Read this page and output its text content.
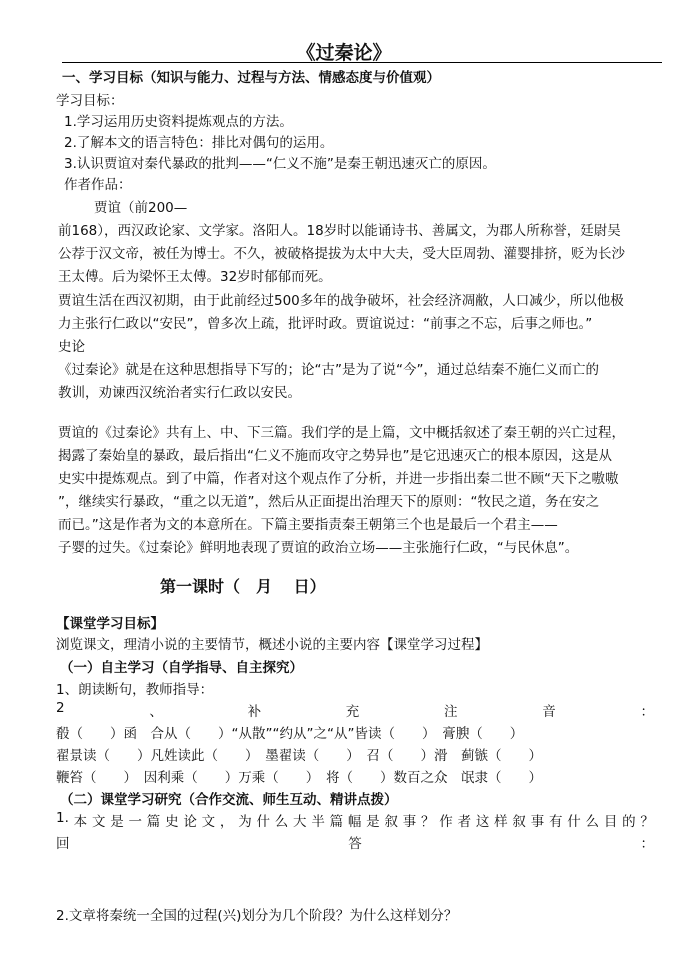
《过秦论》
一、学习目标（知识与能力、过程与方法、情感态度与价值观）
学习目标：
1.学习运用历史资料提炼观点的方法。
2.了解本文的语言特色：排比对偶句的运用。
3.认识贾谊对秦代暴政的批判——“仁义不施”是秦王朝迅速灭亡的原因。
作者作品：
贾谊（前200—
前168），西汉政论家、文学家。洛阳人。18岁时以能诵诗书、善属文，为郡人所称誉，廷尉吴
公荐于汉文帝，被任为博士。不久，被破格提拔为太中大夫，受大臣周勃、灌婴排挤，贬为长沙
王太傅。后为梁怀王太傅。32岁时郁郁而死。
贾谊生活在西汉初期，由于此前经过500多年的战争破坏，社会经济凋敝，人口减少，所以他极
力主张行仁政以“安民”，曾多次上疏，批评时政。贾谊说过：“前事之不忘，后事之师也。”
史论
《过秦论》就是在这种思想指导下写的；论“古”是为了说“今”，通过总结秦不施仁义而亡的
教训，劝谏西汉统治者实行仁政以安民。
贾谊的《过秦论》共有上、中、下三篇。我们学的是上篇，文中概括叙述了秦王朝的兴亡过程，
揭露了秦始皇的暴政，最后指出“仁义不施而攻守之势异也”是它迅速灭亡的根本原因，这是从
史实中提炼观点。到了中篇，作者对这个观点作了分析，并进一步指出秦二世不顾“天下之嗷嗷
”，继续实行暴政，“重之以无道”，然后从正面提出治理天下的原则：“牧民之道，务在安之
而已。”这是作者为文的本意所在。下篇主要指责秦王朝第三个也是最后一个君主——
子婴的过失。《过秦论》鲜明地表现了贾谊的政治立场——主张施行仁政，“与民休息”。
第一课时（　月　 日）
【课堂学习目标】
浏览课文，理清小说的主要情节，概述小说的主要内容【课堂学习过程】
（一）自主学习（自学指导、自主探究）
1、朗读断句，教师指导：
2	、	补	充	注	音	：
殽（　　）函　合从（　　）“从散”“约从”之“从”皆读（　　）　膏腴（　　）
翟景读（　　）凡姓读此（　　）　墨翟读（　　）　召（　　）滑　蓟镞（　　）
鞭笞（　　）　因利乘（　　）万乘（　　）　将（　　）数百之众　氓隶（　　）
（二）课堂学习研究（合作交流、师生互动、精讲点拨）
1. 本 文 是 一 篇 史 论 文 ， 为 什 么 大 半 篇 幅 是 叙 事 ？ 作 者 这 样 叙 事 有 什 么 目 的 ？
回	答	：
2.文章将秦统一全国的过程(兴)划分为几个阶段？为什么这样划分？
